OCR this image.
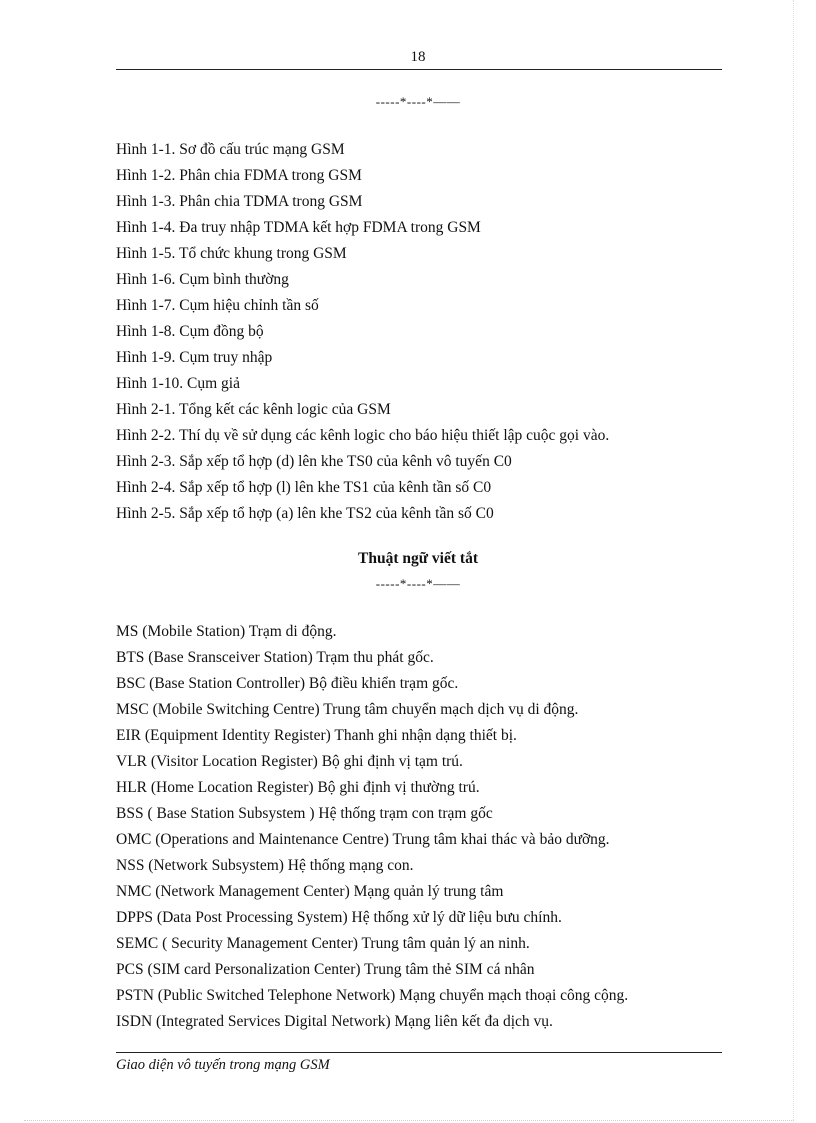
18
-----*----*——
Hình 1-1. Sơ đồ cấu trúc mạng GSM
Hình 1-2. Phân chia FDMA trong GSM
Hình 1-3. Phân chia TDMA trong GSM
Hình 1-4. Đa truy nhập TDMA kết hợp FDMA trong GSM
Hình 1-5. Tổ chức khung trong GSM
Hình 1-6. Cụm bình thường
Hình 1-7. Cụm hiệu chỉnh tần số
Hình 1-8. Cụm đồng bộ
Hình 1-9. Cụm truy nhập
Hình 1-10. Cụm giả
Hình 2-1. Tổng kết các kênh logic của GSM
Hình 2-2. Thí dụ về sử dụng các kênh logic cho báo hiệu thiết lập cuộc gọi vào.
Hình 2-3. Sắp xếp tổ hợp (d) lên khe TS0 của kênh vô tuyến C0
Hình 2-4. Sắp xếp tổ hợp (l) lên khe TS1 của kênh tần số C0
Hình 2-5. Sắp xếp tổ hợp (a) lên khe TS2 của kênh tần số C0
Thuật ngữ viết tắt
-----*----*——
MS (Mobile Station) Trạm di động.
BTS (Base Sransceiver Station) Trạm thu phát gốc.
BSC (Base Station Controller) Bộ điều khiển trạm gốc.
MSC (Mobile Switching Centre) Trung tâm chuyển mạch dịch vụ di động.
EIR (Equipment Identity Register) Thanh ghi nhận dạng thiết bị.
VLR (Visitor Location Register) Bộ ghi định vị tạm trú.
HLR (Home Location Register) Bộ ghi định vị thường trú.
BSS ( Base Station Subsystem ) Hệ thống trạm con trạm gốc
OMC (Operations and Maintenance Centre) Trung tâm khai thác và bảo dưỡng.
NSS (Network Subsystem) Hệ thống mạng con.
NMC (Network Management Center) Mạng quản lý trung tâm
DPPS (Data Post Processing System) Hệ thống xử lý dữ liệu bưu chính.
SEMC ( Security Management Center) Trung tâm quản lý an ninh.
PCS (SIM card Personalization Center) Trung tâm thẻ SIM cá nhân
PSTN (Public Switched Telephone Network) Mạng chuyển mạch thoại công cộng.
ISDN (Integrated Services Digital Network) Mạng liên kết đa dịch vụ.
Giao diện vô tuyến trong mạng GSM
